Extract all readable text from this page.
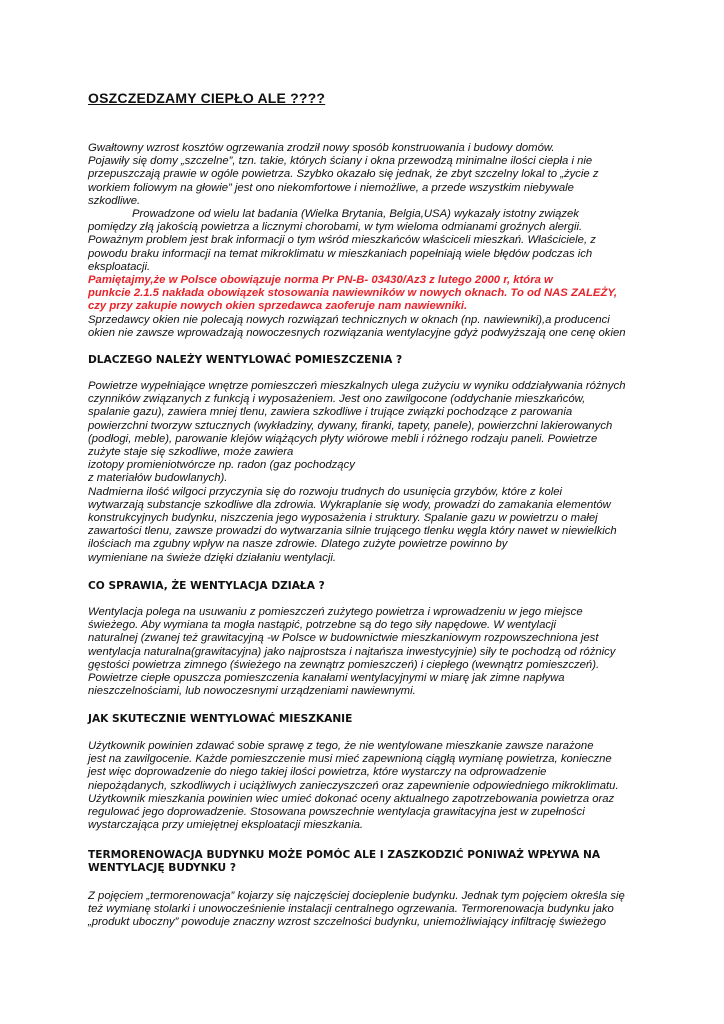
OSZCZEDZAMY CIEPŁO ALE ????
Gwałtowny wzrost kosztów ogrzewania zrodził nowy sposób konstruowania i budowy domów.
Pojawiły się domy „szczelne”, tzn. takie, których ściany i okna przewodzą minimalne ilości ciepła i nie
przepuszczają prawie w ogóle powietrza. Szybko okazało się jednak, że zbyt szczelny lokal to „życie z
workiem foliowym na głowie” jest ono niekomfortowe i niemożliwe, a przede wszystkim niebywale
szkodliwe.
Prowadzone od wielu lat badania (Wielka Brytania, Belgia,USA) wykazały istotny związek
pomiędzy złą jakością powietrza a licznymi chorobami, w tym wieloma odmianami groźnych alergii.
Poważnym problem jest brak informacji o tym wśród mieszkańców właściceli mieszkań. Właściciele, z
powodu braku informacji na temat mikroklimatu w mieszkaniach popełniają wiele błędów podczas ich
eksploatacji.
Pamiętajmy,że w Polsce obowiązuje norma Pr PN-B- 03430/Az3 z lutego 2000 r, która w
punkcie 2.1.5 nakłada obowiązek stosowania nawiewników w nowych oknach. To od NAS ZALEŻY,
czy przy zakupie nowych okien sprzedawca zaoferuje nam nawiewniki.
Sprzedawcy okien nie polecają nowych rozwiązań technicznych w oknach (np. nawiewniki),a producenci
okien nie zawsze wprowadzają nowoczesnych rozwiązania wentylacyjne gdyż podwyższają one cenę okien
DLACZEGO NALEŻY WENTYLOWAĆ POMIESZCZENIA ?
Powietrze wypełniające wnętrze pomieszczeń mieszkalnych ulega zużyciu w wyniku oddziaływania różnych
czynników związanych z funkcją i wyposażeniem. Jest ono zawilgocone (oddychanie mieszkańców,
spalanie gazu), zawiera mniej tlenu, zawiera szkodliwe i trujące związki pochodzące z parowania
powierzchni tworzyw sztucznych (wykładziny, dywany, firanki, tapety, panele), powierzchni lakierowanych
(podłogi, meble), parowanie klejów wiążących płyty wiórowe mebli i różnego rodzaju paneli. Powietrze
zużyte staje się szkodliwe, może zawiera
izotopy promieniotwórcze np. radon (gaz pochodzący
z materiałów budowlanych).
Nadmierna ilość wilgoci przyczynia się do rozwoju trudnych do usunięcia grzybów, które z kolei
wytwarzają substancje szkodliwe dla zdrowia. Wykraplanie się wody, prowadzi do zamakania elementów
konstrukcyjnych budynku, niszczenia jego wyposażenia i struktury. Spalanie gazu w powietrzu o małej
zawartości tlenu, zawsze prowadzi do wytwarzania silnie trującego tlenku węgla który nawet w niewielkich
ilościach ma zgubny wpływ na nasze zdrowie. Dlatego zużyte powietrze powinno by
wymieniane na świeże dzięki działaniu wentylacji.
CO SPRAWIA, ŻE WENTYLACJA DZIAŁA ?
Wentylacja polega na usuwaniu z pomieszczeń zużytego powietrza i wprowadzeniu w jego miejsce
świeżego. Aby wymiana ta mogła nastąpić, potrzebne są do tego siły napędowe. W wentylacji
naturalnej (zwanej też grawitacyjną -w Polsce w budownictwie mieszkaniowym rozpowszechniona jest
wentylacja naturalna(grawitacyjna) jako najprostsza i najtańsza inwestycyjnie) siły te pochodzą od różnicy
gęstości powietrza zimnego (świeżego na zewnątrz pomieszczeń) i ciepłego (wewnątrz pomieszczeń).
Powietrze ciepłe opuszcza pomieszczenia kanałami wentylacyjnymi w miarę jak zimne napływa
nieszczelnościami, lub nowoczesnymi urządzeniami nawiewnymi.
JAK SKUTECZNIE WENTYLOWAĆ MIESZKANIE
Użytkownik powinien zdawać sobie sprawę z tego, że nie wentylowane mieszkanie zawsze narażone
jest na zawilgocenie. Każde pomieszczenie musi mieć zapewnioną ciągłą wymianę powietrza, konieczne
jest więc doprowadzenie do niego takiej ilości powietrza, które wystarczy na odprowadzenie
niepożądanych, szkodliwych i uciążliwych zanieczyszczeń oraz zapewnienie odpowiedniego mikroklimatu.
Użytkownik mieszkania powinien wiec umieć dokonać oceny aktualnego zapotrzebowania powietrza oraz
regulować jego doprowadzenie. Stosowana powszechnie wentylacja grawitacyjna jest w zupełności
wystarczająca przy umiejętnej eksploatacji mieszkania.
TERMORENOWACJA BUDYNKU MOŻE POMÓC ALE I ZASZKODZIĆ PONIWAŻ WPŁYWA NA
WENTYLACJĘ BUDYNKU ?
Z pojęciem „termorenowacja” kojarzy się najczęściej docieplenie budynku. Jednak tym pojęciem określa się
też wymianę stolarki i unowocześnienie instalacji centralnego ogrzewania. Termorenowacja budynku jako
„produkt uboczny” powoduje znaczny wzrost szczelności budynku, uniemożliwiający infiltrację świeżego
